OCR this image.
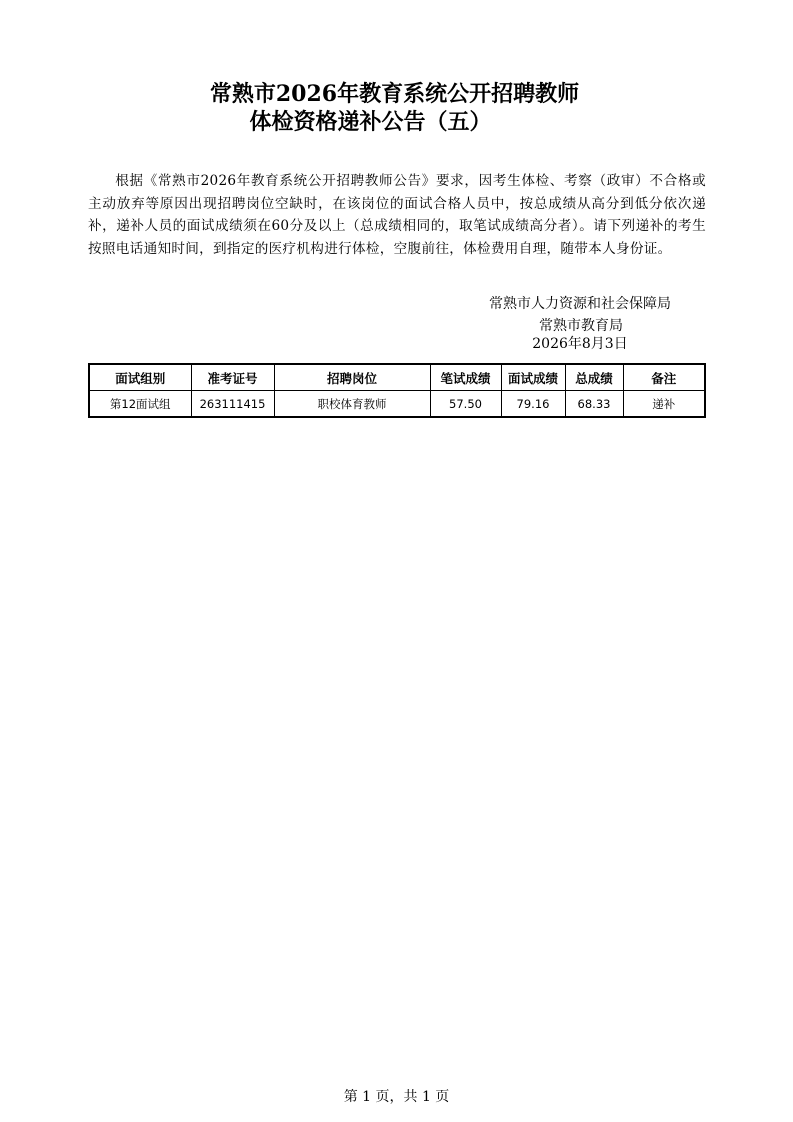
常熟市2026年教育系统公开招聘教师
体检资格递补公告（五）
根据《常熟市2026年教育系统公开招聘教师公告》要求，因考生体检、考察（政审）不合格或主动放弃等原因出现招聘岗位空缺时，在该岗位的面试合格人员中，按总成绩从高分到低分依次递补，递补人员的面试成绩须在60分及以上（总成绩相同的，取笔试成绩高分者）。请下列递补的考生按照电话通知时间，到指定的医疗机构进行体检，空腹前往，体检费用自理，随带本人身份证。
常熟市人力资源和社会保障局
常熟市教育局
2026年8月3日
面试组别	准考证号	招聘岗位	笔试成绩	面试成绩	总成绩	备注
第12面试组	263111415	职校体育教师	57.50	79.16	68.33	递补
第 1 页，共 1 页
